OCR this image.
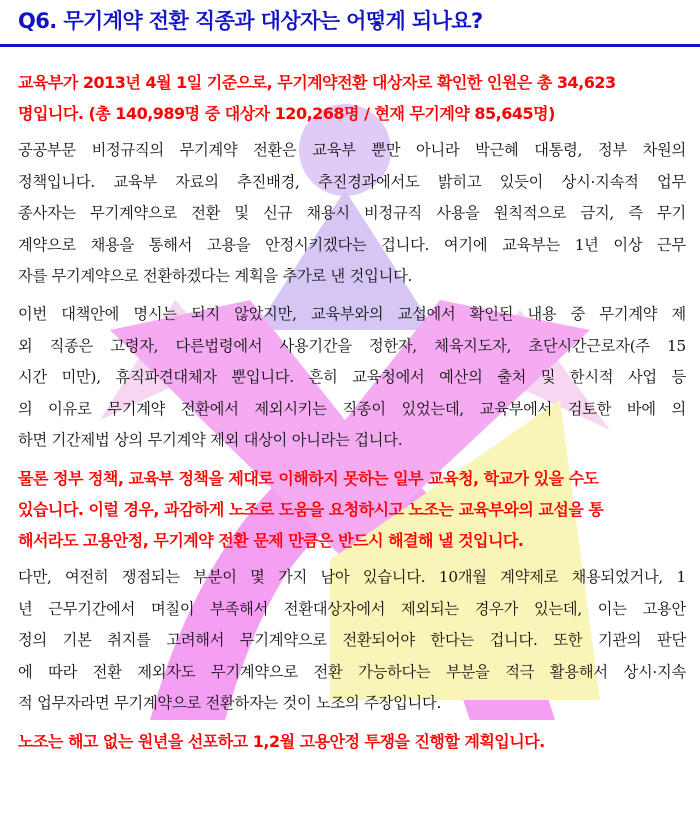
Q6. 무기계약 전환 직종과 대상자는 어떻게 되나요?

교육부가 2013년 4월 1일 기준으로, 무기계약전환 대상자로 확인한 인원은 총 34,623
명입니다. (총 140,989명 중 대상자 120,268명 / 현재 무기계약 85,645명)

공공부문 비정규직의 무기계약 전환은 교육부 뿐만 아니라 박근혜 대통령, 정부 차원의
정책입니다. 교육부 자료의 추진배경, 추진경과에서도 밝히고 있듯이 상시·지속적 업무
종사자는 무기계약으로 전환 및 신규 채용시 비정규직 사용을 원칙적으로 금지, 즉 무기
계약으로 채용을 통해서 고용을 안정시키겠다는 겁니다. 여기에 교육부는 1년 이상 근무
자를 무기계약으로 전환하겠다는 계획을 추가로 낸 것입니다.

이번 대책안에 명시는 되지 않았지만, 교육부와의 교섭에서 확인된 내용 중 무기계약 제
외 직종은 고령자, 다른법령에서 사용기간을 정한자, 체육지도자, 초단시간근로자(주 15
시간 미만), 휴직파견대체자 뿐입니다. 흔히 교육청에서 예산의 출처 및 한시적 사업 등
의 이유로 무기계약 전환에서 제외시키는 직종이 있었는데, 교육부에서 검토한 바에 의
하면 기간제법 상의 무기계약 제외 대상이 아니라는 겁니다.

물론 정부 정책, 교육부 정책을 제대로 이해하지 못하는 일부 교육청, 학교가 있을 수도
있습니다. 이럴 경우, 과감하게 노조로 도움을 요청하시고 노조는 교육부와의 교섭을 통
해서라도 고용안정, 무기계약 전환 문제 만큼은 반드시 해결해 낼 것입니다.

다만, 여전히 쟁점되는 부분이 몇 가지 남아 있습니다. 10개월 계약제로 채용되었거나, 1
년 근무기간에서 며칠이 부족해서 전환대상자에서 제외되는 경우가 있는데, 이는 고용안
정의 기본 취지를 고려해서 무기계약으로 전환되어야 한다는 겁니다. 또한 기관의 판단
에 따라 전환 제외자도 무기계약으로 전환 가능하다는 부분을 적극 활용해서 상시·지속
적 업무자라면 무기계약으로 전환하자는 것이 노조의 주장입니다.

노조는 해고 없는 원년을 선포하고 1,2월 고용안정 투쟁을 진행할 계획입니다.
